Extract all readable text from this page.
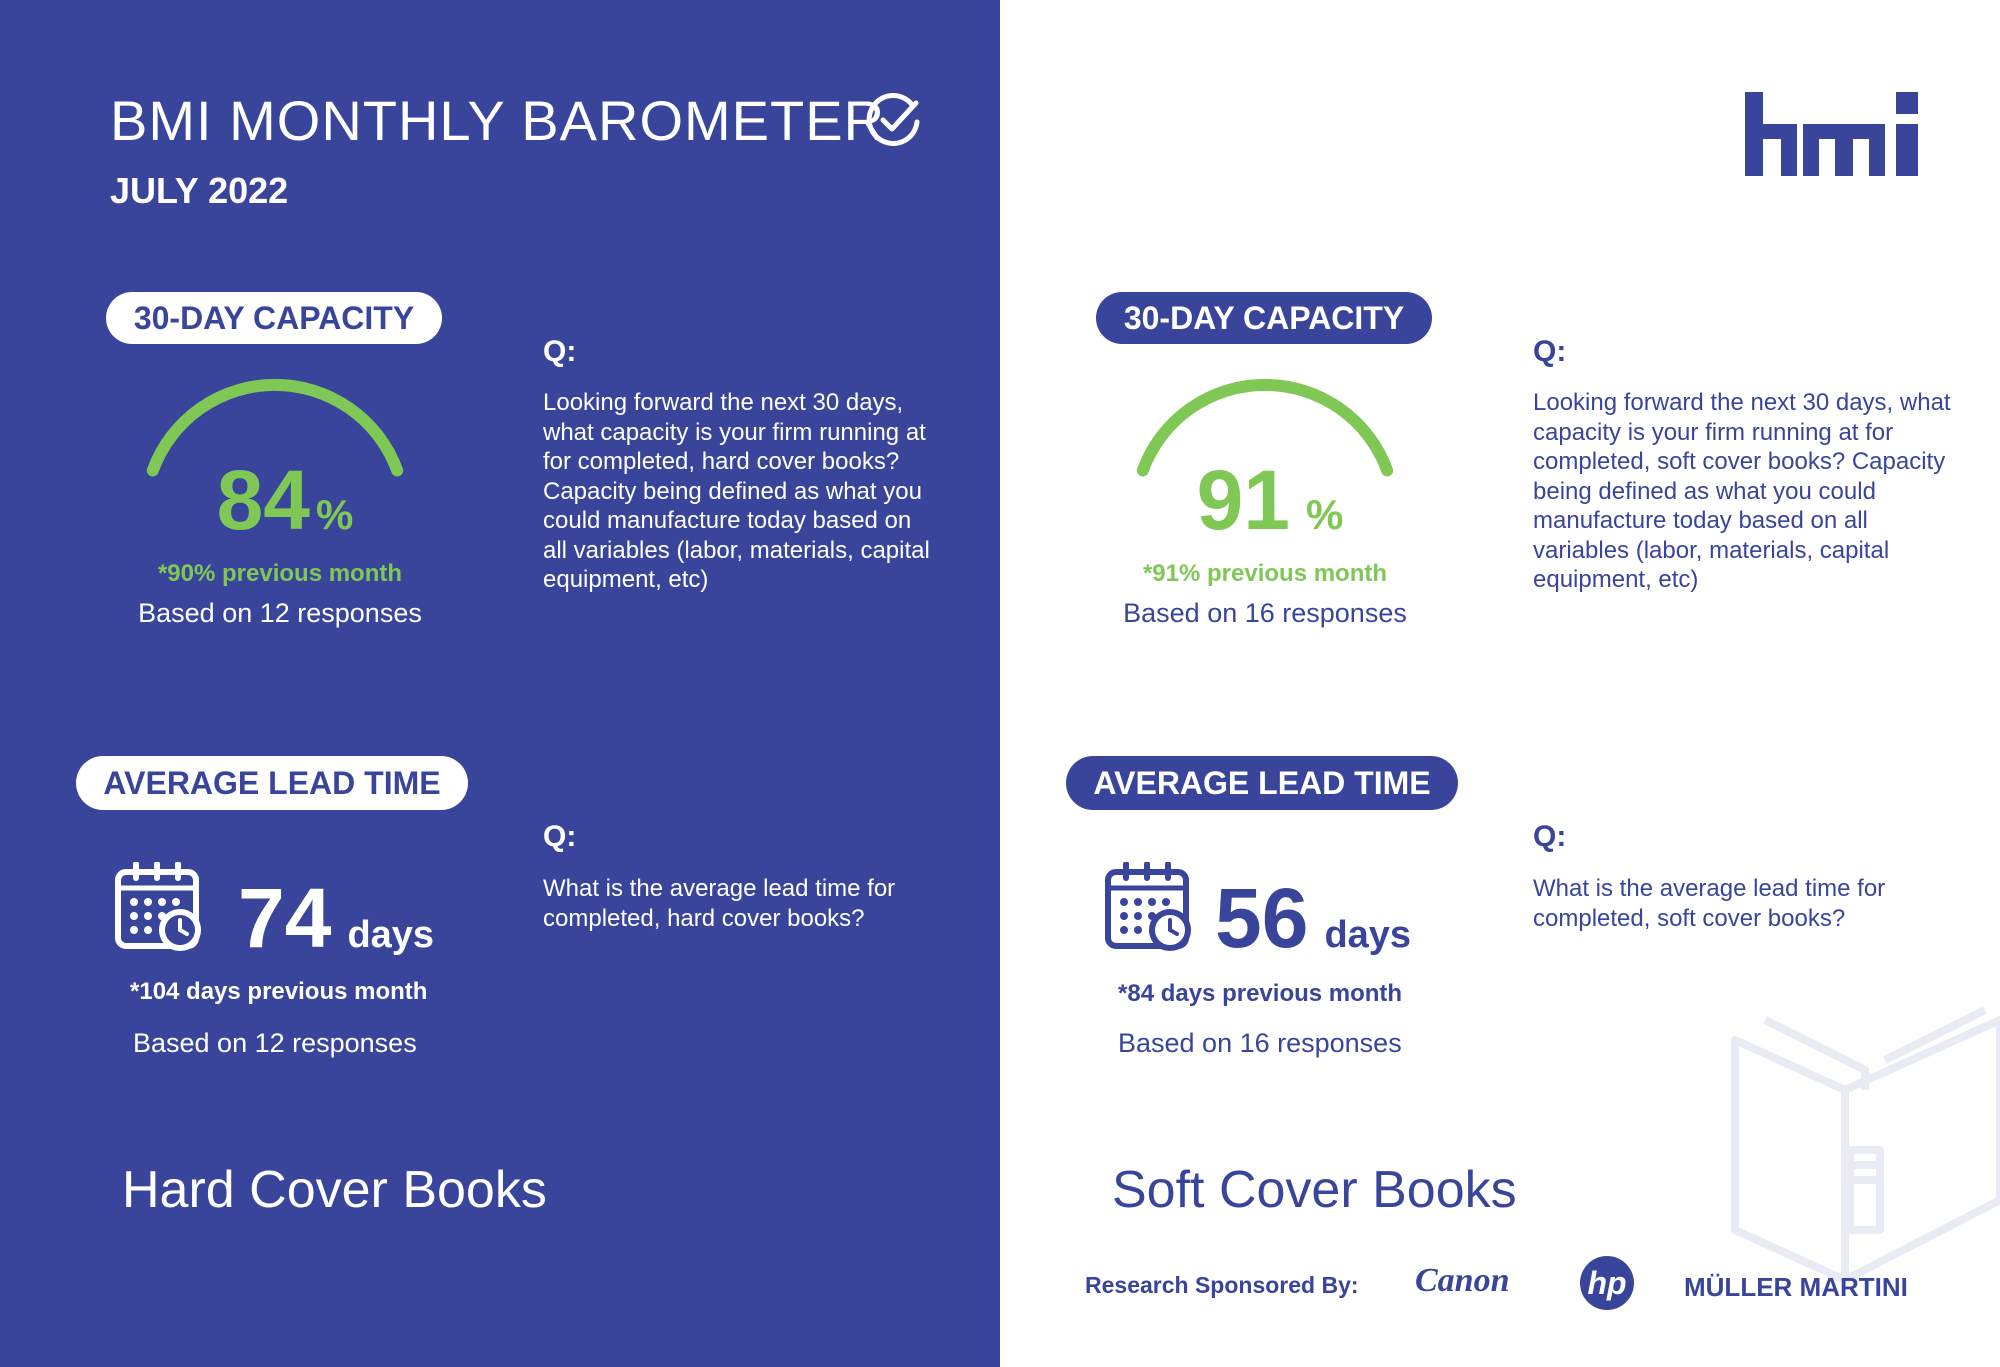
BMI MONTHLY BAROMETER
JULY 2022
30-DAY CAPACITY
84 %
*90% previous month
Based on 12 responses
Q:
Looking forward the next 30 days, what capacity is your firm running at for completed, hard cover books? Capacity being defined as what you could manufacture today based on all variables (labor, materials, capital equipment, etc)
AVERAGE LEAD TIME
74 days
*104 days previous month
Based on 12 responses
Q:
What is the average lead time for completed, hard cover books?
Hard Cover Books
30-DAY CAPACITY
91 %
*91% previous month
Based on 16 responses
Q:
Looking forward the next 30 days, what capacity is your firm running at for completed, soft cover books? Capacity being defined as what you could manufacture today based on all variables (labor, materials, capital equipment, etc)
AVERAGE LEAD TIME
56 days
*84 days previous month
Based on 16 responses
Q:
What is the average lead time for completed, soft cover books?
Soft Cover Books
Research Sponsored By: Canon hp MÜLLER MARTINI
